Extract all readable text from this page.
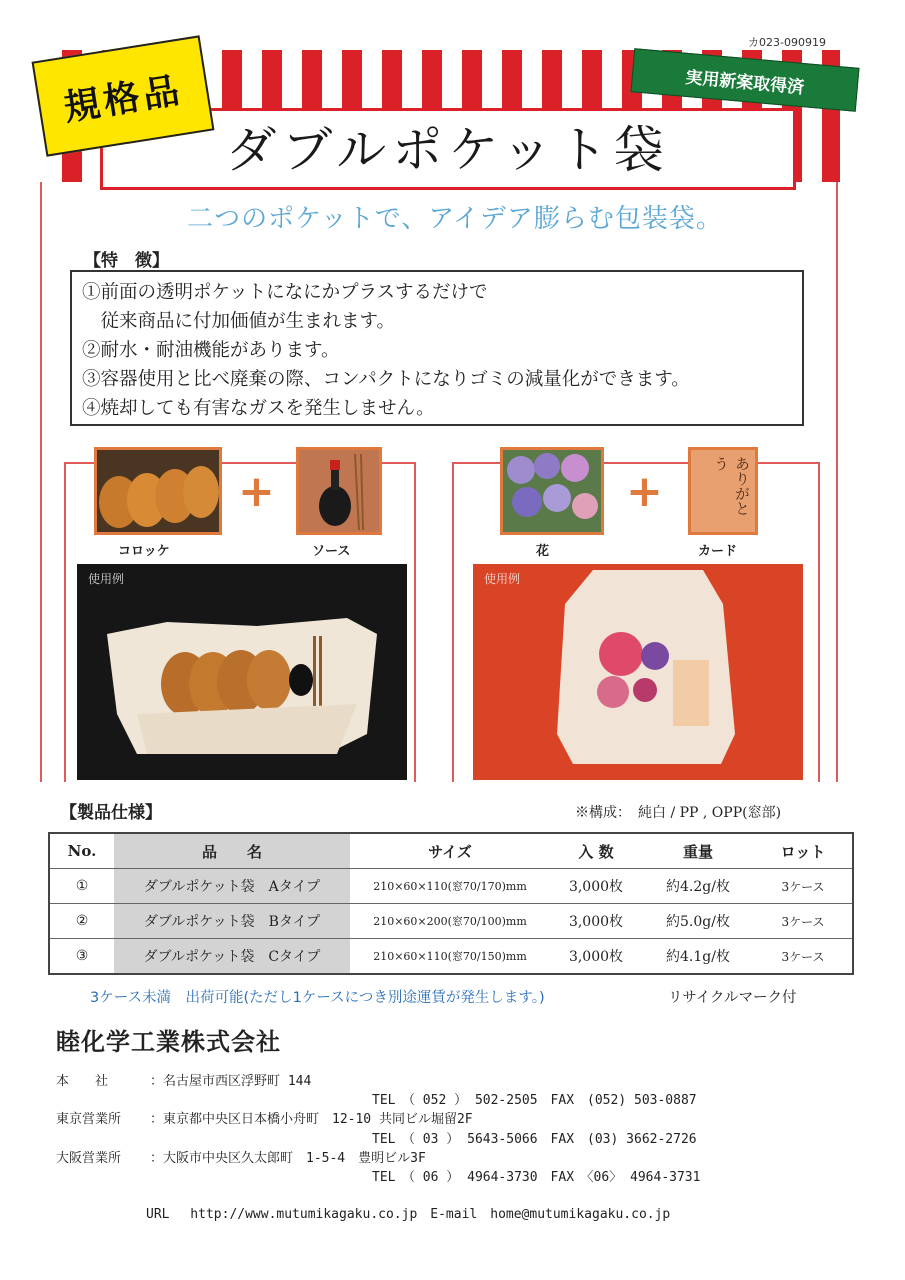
カ023-090919
ダブルポケット袋
規格品	実用新案取得済
二つのポケットで、アイデア膨らむ包装袋。
【特　徴】
①前面の透明ポケットになにかプラスするだけで
　従来商品に付加価値が生まれます。
②耐水・耐油機能があります。
③容器使用と比べ廃棄の際、コンパクトになりゴミの減量化ができます。
④焼却しても有害なガスを発生しません。
+
コロッケ	ソース
使用例
+	ありがとう
花	カード
使用例
【製品仕様】	※構成：　純白 / PP , OPP(窓部)
No.	品　　名	サイズ	入 数	重量	ロット
①	ダブルポケット袋　Aタイプ	210×60×110(窓70/170)mm	3,000枚	約4.2g/枚	3ケース
②	ダブルポケット袋　Bタイプ	210×60×200(窓70/100)mm	3,000枚	約5.0g/枚	3ケース
③	ダブルポケット袋　Cタイプ	210×60×110(窓70/150)mm	3,000枚	約4.1g/枚	3ケース
3ケース未満　出荷可能(ただし1ケースにつき別途運賃が発生します。)	リサイクルマーク付
睦化学工業株式会社
本　　社	：名古屋市西区浮野町 144
TEL　（ 052 ） 502-2505　FAX　(052) 503-0887
東京営業所 ：東京都中央区日本橋小舟町　12-10 共同ビル堀留2F
TEL　（ 03 ） 5643-5066　FAX　(03) 3662-2726
大阪営業所 ：大阪市中央区久太郎町　1-5-4　豊明ビル3F
TEL　（ 06 ） 4964-3730　FAX　〈06〉 4964-3731
URL　 http://www.mutumikagaku.co.jp　E-mail　home@mutumikagaku.co.jp
